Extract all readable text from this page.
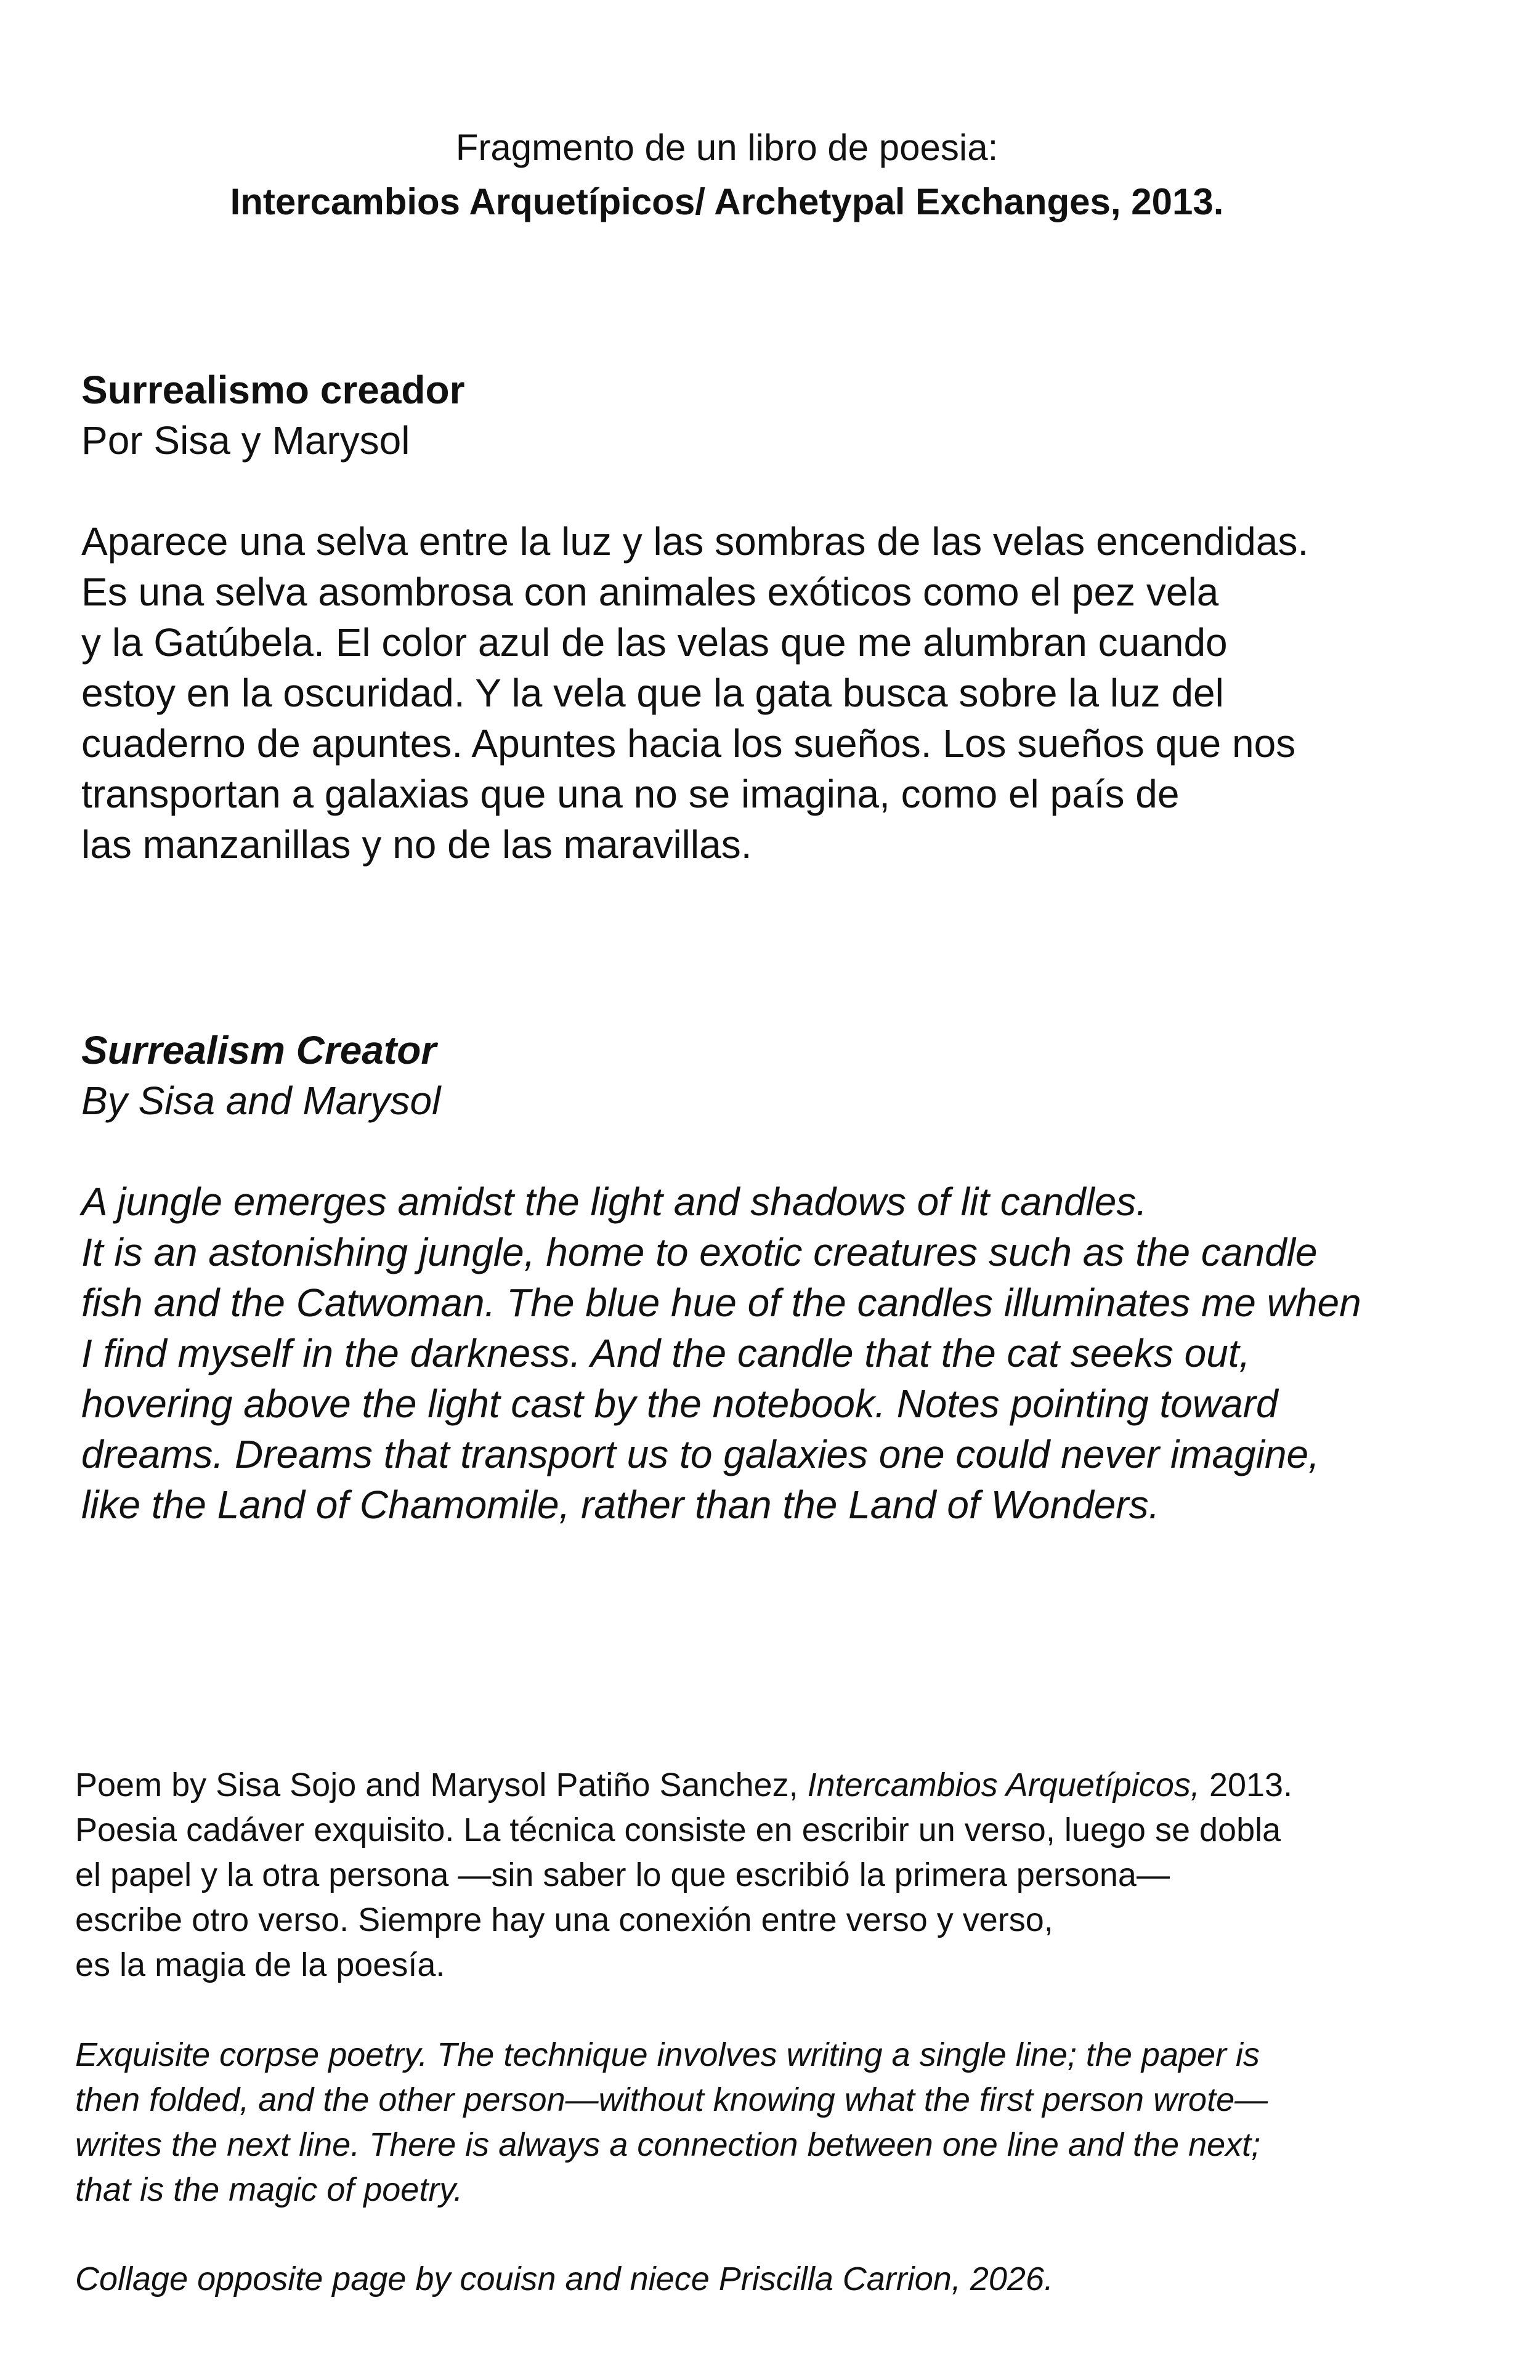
Fragmento de un libro de poesia:
Intercambios Arquetípicos/ Archetypal Exchanges, 2013.
Surrealismo creador
Por Sisa y Marysol
Aparece una selva entre la luz y las sombras de las velas encendidas.
Es una selva asombrosa con animales exóticos como el pez vela
y la Gatúbela. El color azul de las velas que me alumbran cuando
estoy en la oscuridad. Y la vela que la gata busca sobre la luz del
cuaderno de apuntes. Apuntes hacia los sueños. Los sueños que nos
transportan a galaxias que una no se imagina, como el país de
las manzanillas y no de las maravillas.
Surrealism Creator
By Sisa and Marysol
A jungle emerges amidst the light and shadows of lit candles.
It is an astonishing jungle, home to exotic creatures such as the candle
fish and the Catwoman. The blue hue of the candles illuminates me when
I find myself in the darkness. And the candle that the cat seeks out,
hovering above the light cast by the notebook. Notes pointing toward
dreams. Dreams that transport us to galaxies one could never imagine,
like the Land of Chamomile, rather than the Land of Wonders.
Poem by Sisa Sojo and Marysol Patiño Sanchez, Intercambios Arquetípicos, 2013.
Poesia cadáver exquisito. La técnica consiste en escribir un verso, luego se dobla
el papel y la otra persona —sin saber lo que escribió la primera persona—
escribe otro verso. Siempre hay una conexión entre verso y verso,
es la magia de la poesía.
Exquisite corpse poetry. The technique involves writing a single line; the paper is
then folded, and the other person—without knowing what the first person wrote—
writes the next line. There is always a connection between one line and the next;
that is the magic of poetry.
Collage opposite page by couisn and niece Priscilla Carrion, 2026.
